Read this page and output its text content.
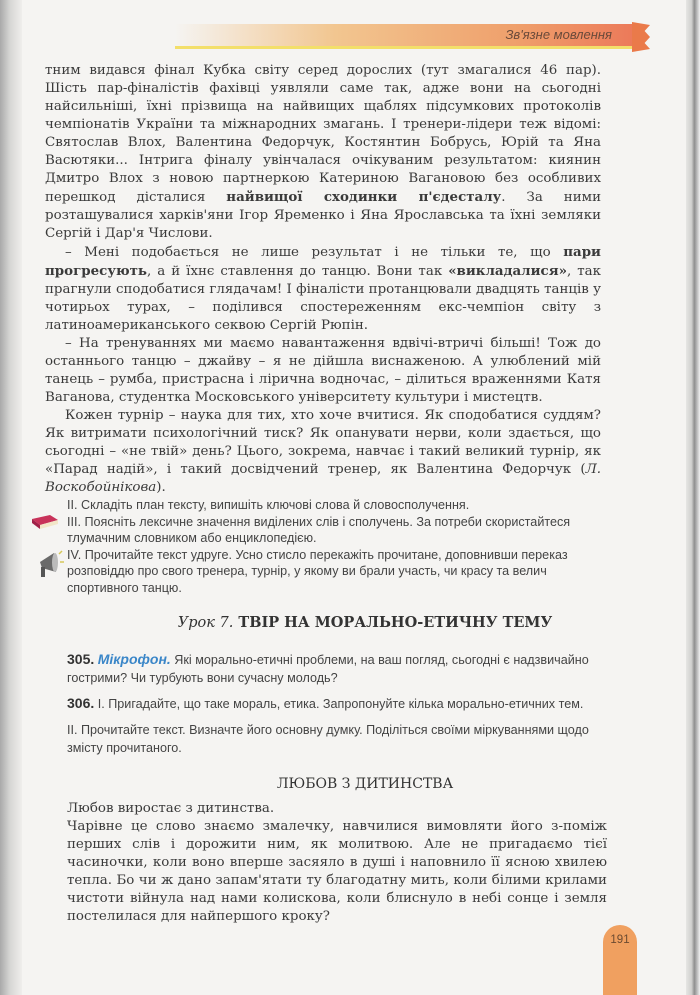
Зв'язне мовлення

тним видався фінал Кубка світу серед дорослих (тут змагалися 46 пар). Шість пар-фіналістів фахівці уявляли саме так, адже вони на сьогодні найсильніші, їхні прізвища на найвищих щаблях підсумкових протоколів чемпіонатів України та міжнародних змагань. І тренери-лідери теж відомі: Святослав Влох, Валентина Федорчук, Костянтин Бобрусь, Юрій та Яна Васютяки... Інтрига фіналу увінчалася очікуваним результатом: киянин Дмитро Влох з новою партнеркою Катериною Вагановою без особливих перешкод дісталися найвищої сходинки п'єдесталу. За ними розташувалися харків'яни Ігор Яременко і Яна Ярославська та їхні земляки Сергій і Дар'я Числови.

– Мені подобається не лише результат і не тільки те, що пари прогресують, а й їхнє ставлення до танцю. Вони так «викладалися», так прагнули сподобатися глядачам! І фіналісти протанцювали двадцять танців у чотирьох турах, – поділився спостереженням екс-чемпіон світу з латиноамериканського секвою Сергій Рюпін.

– На тренуваннях ми маємо навантаження вдвічі-втричі більші! Тож до останнього танцю – джайву – я не дійшла виснаженою. А улюблений мій танець – румба, пристрасна і лірична водночас, – ділиться враженнями Катя Ваганова, студентка Московського університету культури і мистецтв.

Кожен турнір – наука для тих, хто хоче вчитися. Як сподобатися суддям? Як витримати психологічний тиск? Як опанувати нерви, коли здається, що сьогодні – «не твій» день? Цього, зокрема, навчає і такий великий турнір, як «Парад надій», і такий досвідчений тренер, як Валентина Федорчук (Л. Воскобойнікова).

II. Складіть план тексту, випишіть ключові слова й словосполучення.

III. Поясніть лексичне значення виділених слів і сполучень. За потреби скористайтеся тлумачним словником або енциклопедією.

IV. Прочитайте текст удруге. Усно стисло перекажіть прочитане, доповнивши переказ розповіддю про свого тренера, турнір, у якому ви брали участь, чи красу та велич спортивного танцю.

Урок 7. ТВІР НА МОРАЛЬНО-ЕТИЧНУ ТЕМУ

305. Мікрофон. Які морально-етичні проблеми, на ваш погляд, сьогодні є надзвичайно гострими? Чи турбують вони сучасну молодь?

306. І. Пригадайте, що таке мораль, етика. Запропонуйте кілька морально-етичних тем.

ІІ. Прочитайте текст. Визначте його основну думку. Поділіться своїми міркуваннями щодо змісту прочитаного.

ЛЮБОВ З ДИТИНСТВА

Любов виростає з дитинства.

Чарівне це слово знаємо змалечку, навчилися вимовляти його з-поміж перших слів і дорожити ним, як молитвою. Але не пригадаємо тієї часиночки, коли воно вперше засяяло в душі і наповнило її ясною хвилею тепла. Бо чи ж дано запам'ятати ту благодатну мить, коли білими крилами чистоти війнула над нами колискова, коли блиснуло в небі сонце і земля постелилася для найпершого кроку?

191
